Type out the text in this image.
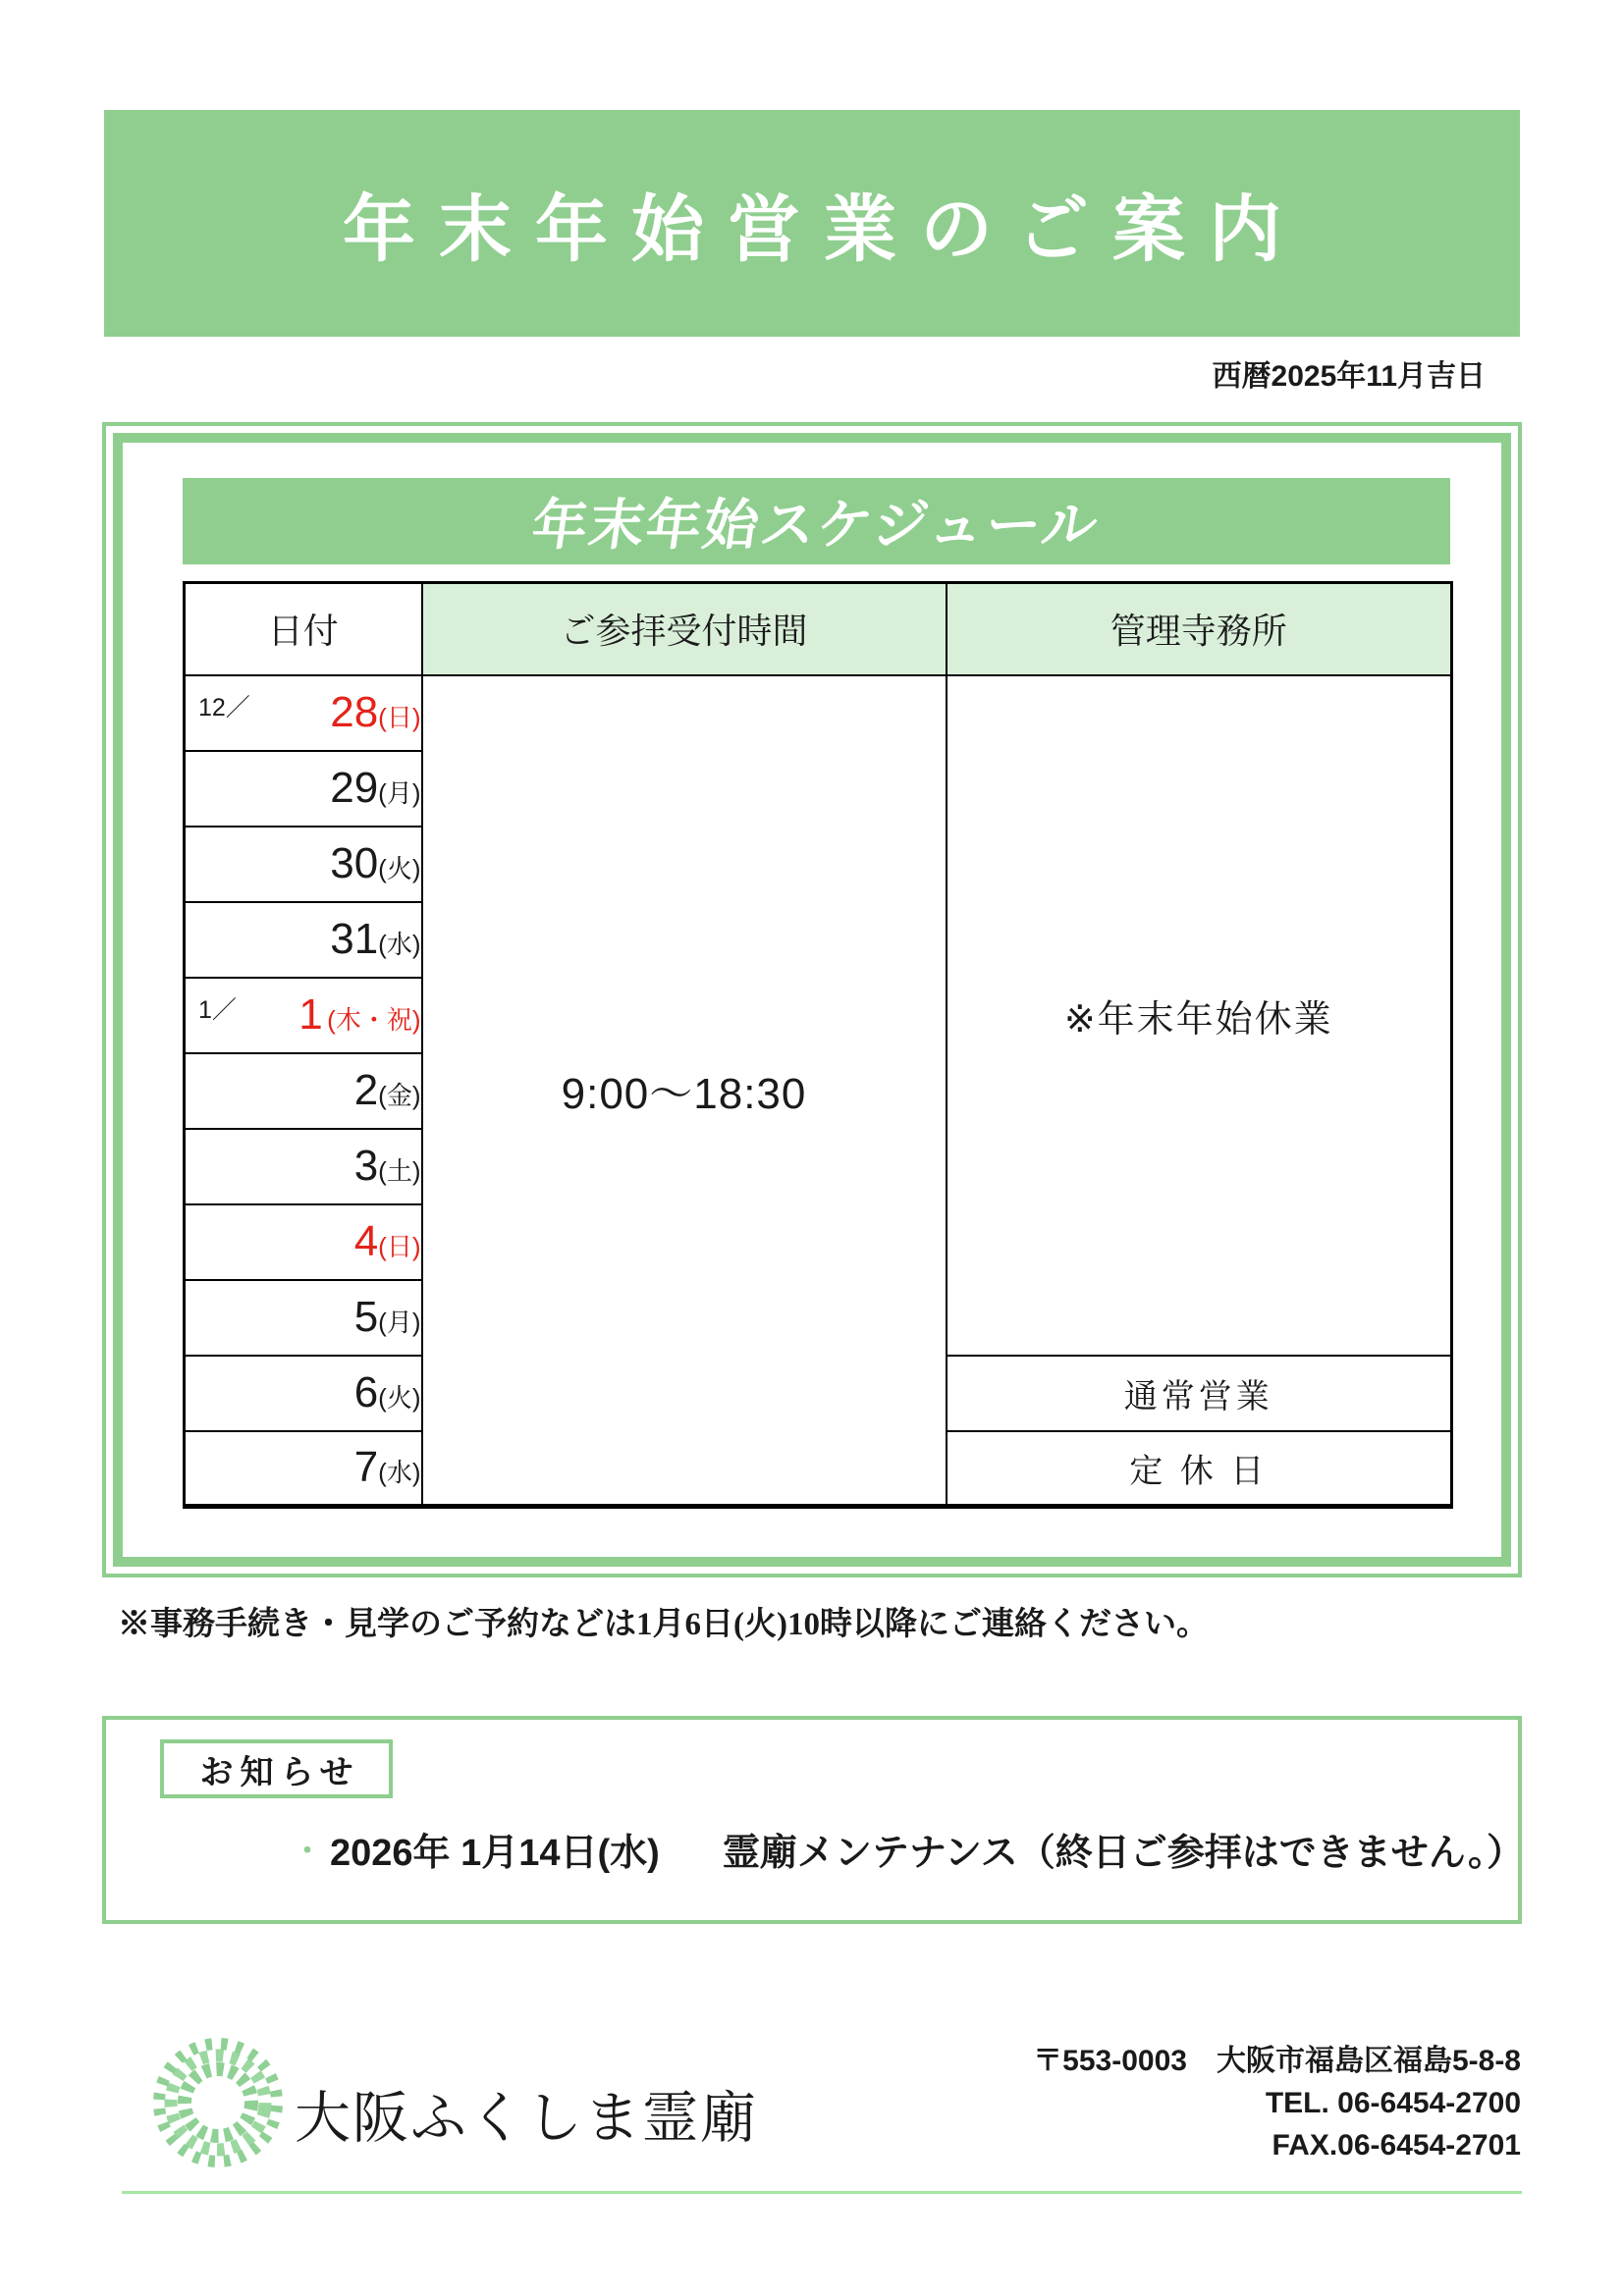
年末年始営業のご案内
西暦2025年11月吉日
年末年始スケジュール
日付	ご参拝受付時間	管理寺務所

12／ 28(日)	9:00〜18:30	※年末年始休業

29(月)		

30(火)		

31(水)		

1／ 1 (木・祝)		

2(金)		

3(土)		

4(日)		

5(月)		

6(火)		通常営業

7(水)		定 休 日
※事務手続き・見学のご予約などは1月6日(火)10時以降にご連絡ください。
お知らせ
・ 2026年 1月14日(水) 霊廟メンテナンス（終日ご参拝はできません。）
大阪ふくしま霊廟
〒553-0003　大阪市福島区福島5-8-8
TEL. 06-6454-2700
FAX.06-6454-2701
